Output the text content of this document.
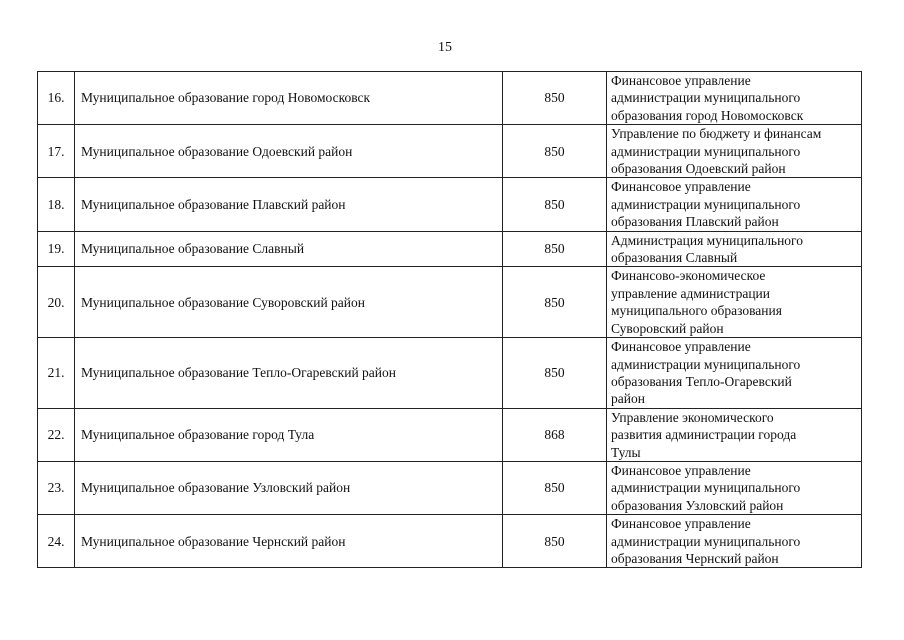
15
16.	Муниципальное образование город Новомосковск	850	Финансовое управление
администрации муниципального
образования город Новомосковск

17.	Муниципальное образование Одоевский район	850	Управление по бюджету и финансам
администрации муниципального
образования Одоевский район

18.	Муниципальное образование Плавский район	850	Финансовое управление
администрации муниципального
образования Плавский район

19.	Муниципальное образование Славный	850	Администрация муниципального
образования Славный

20.	Муниципальное образование Суворовский район	850	Финансово-экономическое
управление администрации
муниципального образования
Суворовский район

21.	Муниципальное образование Тепло-Огаревский район	850	Финансовое управление
администрации муниципального
образования Тепло-Огаревский
район

22.	Муниципальное образование город Тула	868	Управление экономического
развития администрации города
Тулы

23.	Муниципальное образование Узловский район	850	Финансовое управление
администрации муниципального
образования Узловский район

24.	Муниципальное образование Чернский район	850	Финансовое управление
администрации муниципального
образования Чернский район
